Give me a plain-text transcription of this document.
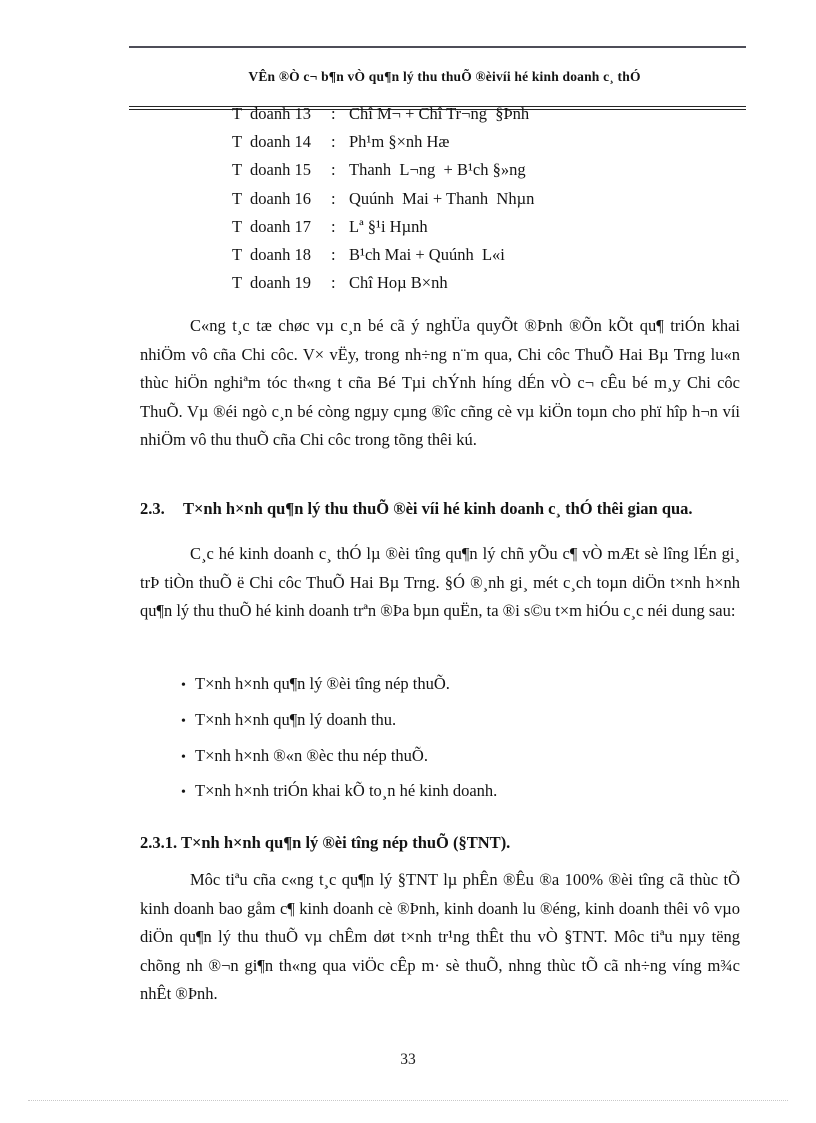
VÊn ®Ò c¬ b¶n vÒ qu¶n lý thu thuÕ ®èivíi hé kinh doanh c¸ thÓ

T  doanh 13 : Chî M¬ + Chî Tr¬ng  §Þnh
T  doanh 14 : Ph¹m §×nh Hæ
T  doanh 15 : Thanh  L¬ng  + B¹ch §»ng
T  doanh 16 : Quúnh  Mai + Thanh  Nhµn
T  doanh 17 : Lª §¹i Hµnh
T  doanh 18 : B¹ch Mai + Quúnh  L«i
T  doanh 19 : Chî Hoµ B×nh

C«ng t¸c tæ chøc vµ c¸n bé cã ý nghÜa quyÕt ®Þnh ®Õn kÕt qu¶ triÓn khai nhiÖm vô cña Chi côc. V× vËy, trong nh÷ng n¨m qua, Chi côc ThuÕ Hai Bµ Trng lu«n thùc hiÖn nghiªm tóc th«ng t cña Bé Tµi chÝnh híng dÉn vÒ c¬ cÊu bé m¸y Chi côc ThuÕ. Vµ ®éi ngò c¸n bé còng ngµy cµng ®îc cñng cè vµ kiÖn toµn cho phï hîp h¬n víi nhiÖm vô thu thuÕ cña Chi côc trong tõng thêi kú.

2.3. T×nh h×nh qu¶n lý thu thuÕ ®èi víi hé kinh doanh c¸ thÓ thêi gian qua.

C¸c hé kinh doanh c¸ thÓ lµ ®èi tîng qu¶n lý chñ yÕu c¶ vÒ mÆt sè lîng lÉn gi¸ trÞ tiÒn thuÕ ë Chi côc ThuÕ Hai Bµ Trng. §Ó ®¸nh gi¸ mét c¸ch toµn diÖn t×nh h×nh qu¶n lý thu thuÕ hé kinh doanh trªn ®Þa bµn quËn, ta ®i s©u t×m hiÓu c¸c néi dung sau:

• T×nh h×nh qu¶n lý ®èi tîng nép thuÕ.
• T×nh h×nh qu¶n lý doanh thu.
• T×nh h×nh ®«n ®èc thu nép thuÕ.
• T×nh h×nh triÓn khai kÕ to¸n hé kinh doanh.
2.3.1. T×nh h×nh qu¶n lý ®èi tîng nép thuÕ (§TNT).

Môc tiªu cña c«ng t¸c qu¶n lý §TNT lµ phÊn ®Êu ®a 100% ®èi tîng cã thùc tÕ kinh doanh bao gåm c¶ kinh doanh cè ®Þnh, kinh doanh lu ®éng, kinh doanh thêi vô vµo diÖn qu¶n lý thu thuÕ vµ chÊm døt t×nh tr¹ng thÊt thu vÒ §TNT. Môc tiªu nµy tëng chõng nh ®¬n gi¶n th«ng qua viÖc cÊp m· sè thuÕ, nhng thùc tÕ cã nh÷ng víng m¾c nhÊt ®Þnh.

33
